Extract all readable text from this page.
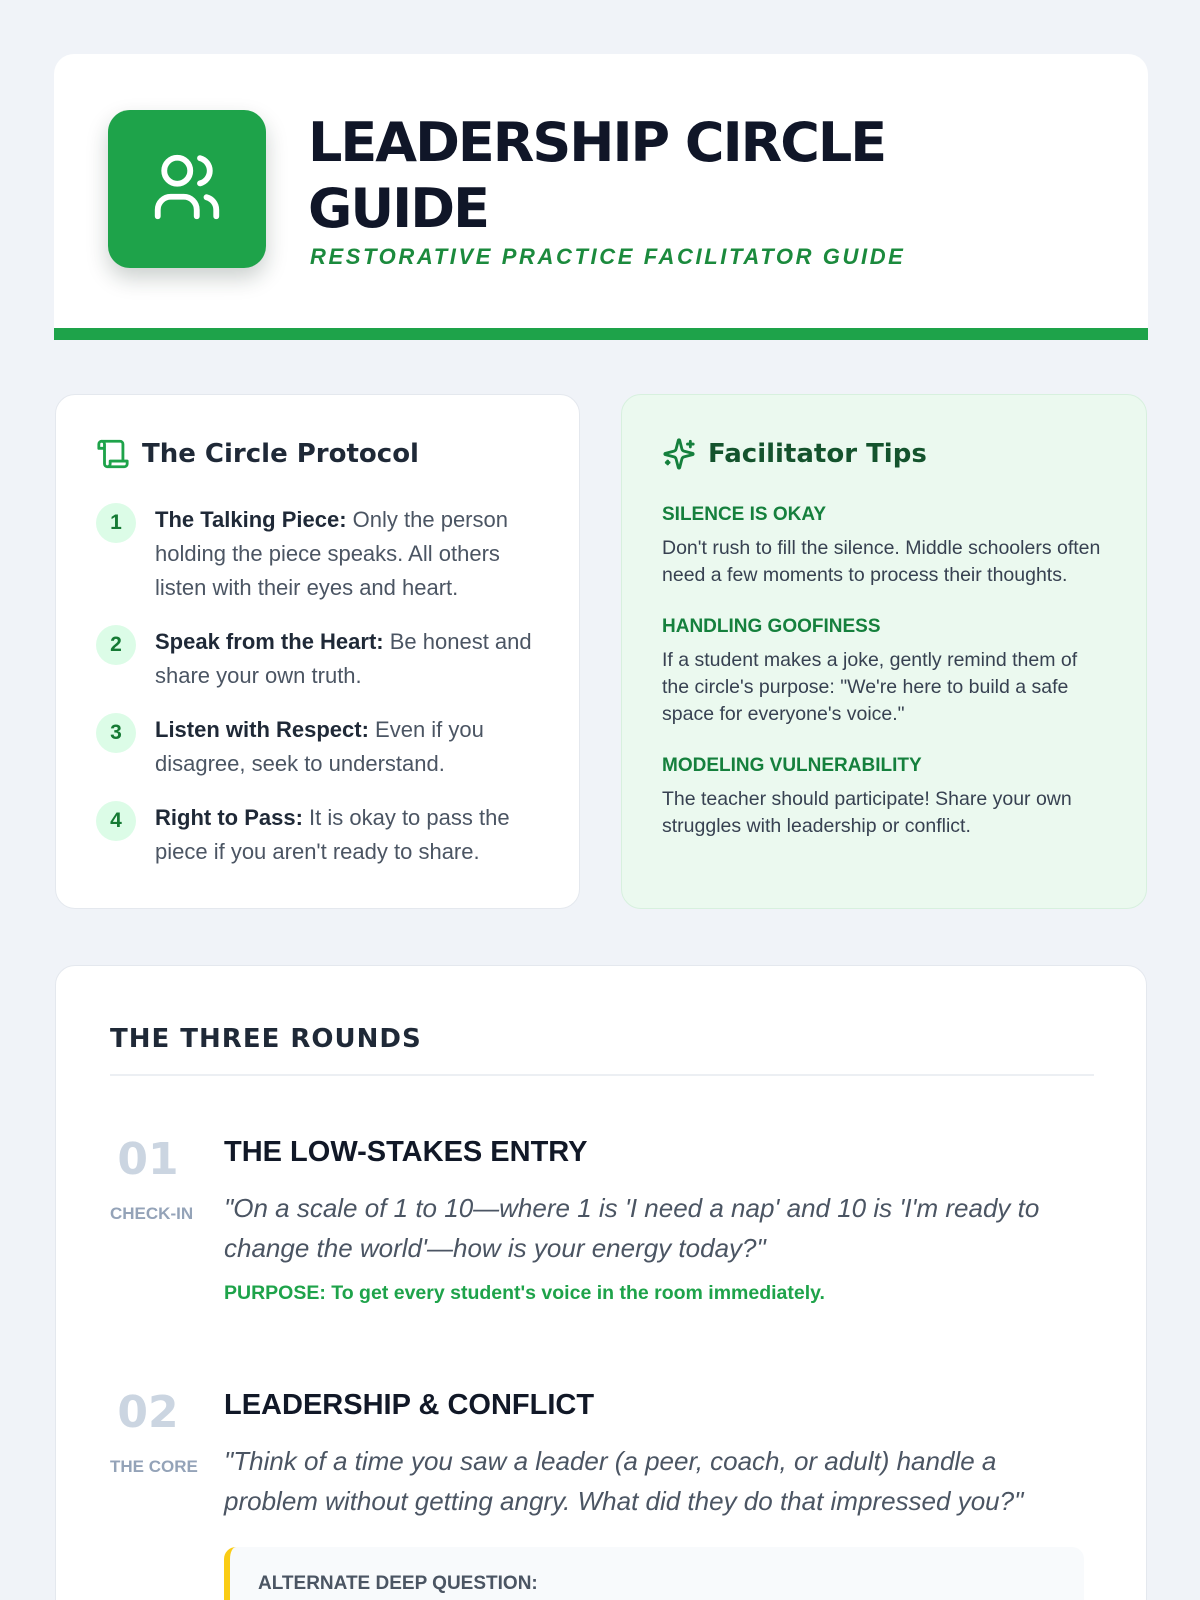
LEADERSHIP CIRCLE GUIDE
RESTORATIVE PRACTICE FACILITATOR GUIDE
The Circle Protocol
1	The Talking Piece: Only the person holding the piece speaks. All others listen with their eyes and heart.
2	Speak from the Heart: Be honest and share your own truth.
3	Listen with Respect: Even if you disagree, seek to understand.
4	Right to Pass: It is okay to pass the piece if you aren't ready to share.
Facilitator Tips
SILENCE IS OKAY
Don't rush to fill the silence. Middle schoolers often need a few moments to process their thoughts.
HANDLING GOOFINESS
If a student makes a joke, gently remind them of the circle's purpose: "We're here to build a safe space for everyone's voice."
MODELING VULNERABILITY
The teacher should participate! Share your own struggles with leadership or conflict.
THE THREE ROUNDS
01
CHECK-IN
THE LOW-STAKES ENTRY
"On a scale of 1 to 10—where 1 is 'I need a nap' and 10 is 'I'm ready to change the world'—how is your energy today?"
PURPOSE: To get every student's voice in the room immediately.
02
THE CORE
LEADERSHIP & CONFLICT
"Think of a time you saw a leader (a peer, coach, or adult) handle a problem without getting angry. What did they do that impressed you?"
ALTERNATE DEEP QUESTION:
